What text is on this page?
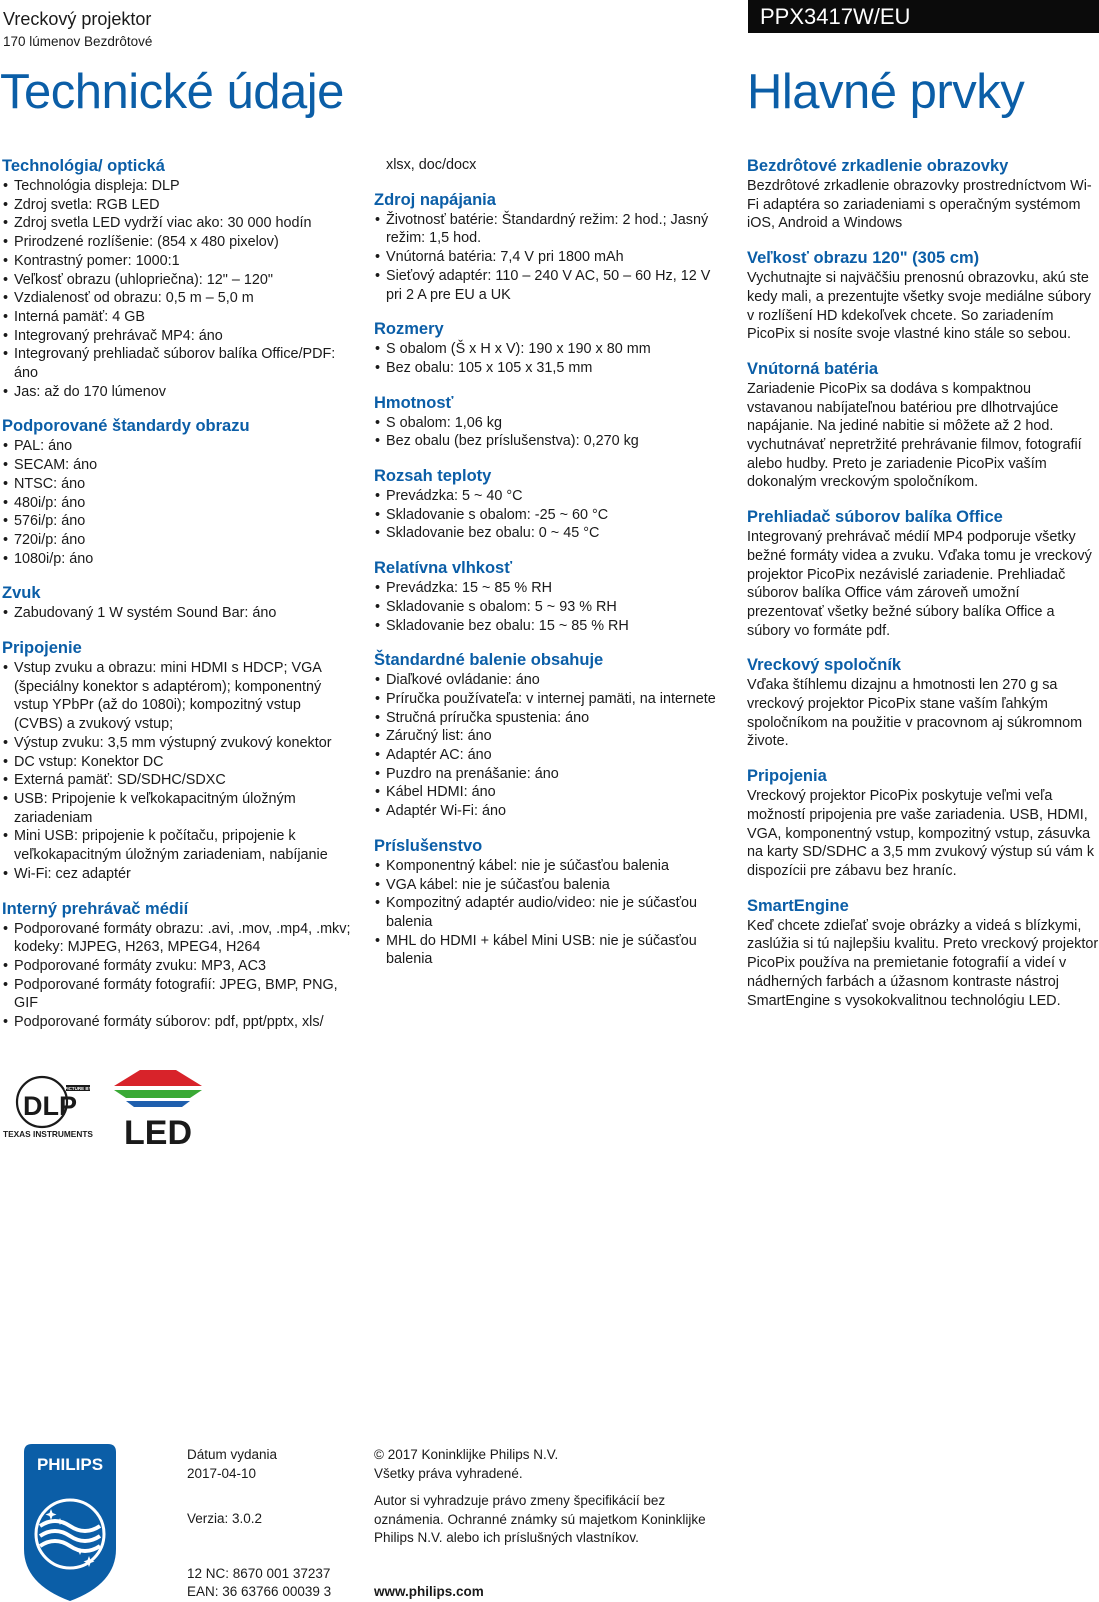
Vreckový projektor
170 lúmenov Bezdrôtové
PPX3417W/EU
Technické údaje	Hlavné prvky
Technológia/ optická
• Technológia displeja: DLP
• Zdroj svetla: RGB LED
• Zdroj svetla LED vydrží viac ako: 30 000 hodín
• Prirodzené rozlíšenie: (854 x 480 pixelov)
• Kontrastný pomer: 1000:1
• Veľkosť obrazu (uhlopriečna): 12" – 120"
• Vzdialenosť od obrazu: 0,5 m – 5,0 m
• Interná pamäť: 4 GB
• Integrovaný prehrávač MP4: áno
• Integrovaný prehliadač súborov balíka Office/PDF: áno
• Jas: až do 170 lúmenov
Podporované štandardy obrazu
• PAL: áno
• SECAM: áno
• NTSC: áno
• 480i/p: áno
• 576i/p: áno
• 720i/p: áno
• 1080i/p: áno
Zvuk
• Zabudovaný 1 W systém Sound Bar: áno
Pripojenie
• Vstup zvuku a obrazu: mini HDMI s HDCP; VGA (špeciálny konektor s adaptérom); komponentný vstup YPbPr (až do 1080i); kompozitný vstup (CVBS) a zvukový vstup;
• Výstup zvuku: 3,5 mm výstupný zvukový konektor
• DC vstup: Konektor DC
• Externá pamäť: SD/SDHC/SDXC
• USB: Pripojenie k veľkokapacitným úložným zariadeniam
• Mini USB: pripojenie k počítaču, pripojenie k veľkokapacitným úložným zariadeniam, nabíjanie
• Wi-Fi: cez adaptér
Interný prehrávač médií
• Podporované formáty obrazu: .avi, .mov, .mp4, .mkv; kodeky: MJPEG, H263, MPEG4, H264
• Podporované formáty zvuku: MP3, AC3
• Podporované formáty fotografií: JPEG, BMP, PNG, GIF
• Podporované formáty súborov: pdf, ppt/pptx, xls/
xlsx, doc/docx
Zdroj napájania
• Životnosť batérie: Štandardný režim: 2 hod.; Jasný režim: 1,5 hod.
• Vnútorná batéria: 7,4 V pri 1800 mAh
• Sieťový adaptér: 110 – 240 V AC, 50 – 60 Hz, 12 V pri 2 A pre EU a UK
Rozmery
• S obalom (Š x H x V): 190 x 190 x 80 mm
• Bez obalu: 105 x 105 x 31,5 mm
Hmotnosť
• S obalom: 1,06 kg
• Bez obalu (bez príslušenstva): 0,270 kg
Rozsah teploty
• Prevádzka: 5 ~ 40 °C
• Skladovanie s obalom: -25 ~ 60 °C
• Skladovanie bez obalu: 0 ~ 45 °C
Relatívna vlhkosť
• Prevádzka: 15 ~ 85 % RH
• Skladovanie s obalom: 5 ~ 93 % RH
• Skladovanie bez obalu: 15 ~ 85 % RH
Štandardné balenie obsahuje
• Diaľkové ovládanie: áno
• Príručka používateľa: v internej pamäti, na internete
• Stručná príručka spustenia: áno
• Záručný list: áno
• Adaptér AC: áno
• Puzdro na prenášanie: áno
• Kábel HDMI: áno
• Adaptér Wi-Fi: áno
Príslušenstvo
• Komponentný kábel: nie je súčasťou balenia
• VGA kábel: nie je súčasťou balenia
• Kompozitný adaptér audio/video: nie je súčasťou balenia
• MHL do HDMI + kábel Mini USB: nie je súčasťou balenia
Bezdrôtové zrkadlenie obrazovky

Bezdrôtové zrkadlenie obrazovky prostredníctvom Wi-Fi adaptéra so zariadeniami s operačným systémom iOS, Android a Windows

Veľkosť obrazu 120" (305 cm)

Vychutnajte si najväčšiu prenosnú obrazovku, akú ste kedy mali, a prezentujte všetky svoje mediálne súbory v rozlíšení HD kdekoľvek chcete. So zariadením PicoPix si nosíte svoje vlastné kino stále so sebou.

Vnútorná batéria

Zariadenie PicoPix sa dodáva s kompaktnou vstavanou nabíjateľnou batériou pre dlhotrvajúce napájanie. Na jediné nabitie si môžete až 2 hod. vychutnávať nepretržité prehrávanie filmov, fotografií alebo hudby. Preto je zariadenie PicoPix vaším dokonalým vreckovým spoločníkom.

Prehliadač súborov balíka Office

Integrovaný prehrávač médií MP4 podporuje všetky bežné formáty videa a zvuku. Vďaka tomu je vreckový projektor PicoPix nezávislé zariadenie. Prehliadač súborov balíka Office vám zároveň umožní prezentovať všetky bežné súbory balíka Office a súbory vo formáte pdf.

Vreckový spoločník

Vďaka štíhlemu dizajnu a hmotnosti len 270 g sa vreckový projektor PicoPix stane vaším ľahkým spoločníkom na použitie v pracovnom aj súkromnom živote.

Pripojenia

Vreckový projektor PicoPix poskytuje veľmi veľa možností pripojenia pre vaše zariadenia. USB, HDMI, VGA, komponentný vstup, kompozitný vstup, zásuvka na karty SD/SDHC a 3,5 mm zvukový výstup sú vám k dispozícii pre zábavu bez hraníc.

SmartEngine

Keď chcete zdieľať svoje obrázky a videá s blízkymi, zaslúžia si tú najlepšiu kvalitu. Preto vreckový projektor PicoPix používa na premietanie fotografií a videí v nádherných farbách a úžasnom kontraste nástroj SmartEngine s vysokokvalitnou technológiu LED.

PICTURE BY
DLP
TEXAS INSTRUMENTS LED
PHILIPS
Dátum vydania
2017-04-10
Verzia: 3.0.2
12 NC: 8670 001 37237
EAN: 36 63766 00039 3
© 2017 Koninklijke Philips N.V.
Všetky práva vyhradené.
Autor si vyhradzuje právo zmeny špecifikácií bez oznámenia. Ochranné známky sú majetkom Koninklijke Philips N.V. alebo ich príslušných vlastníkov.
www.philips.com
